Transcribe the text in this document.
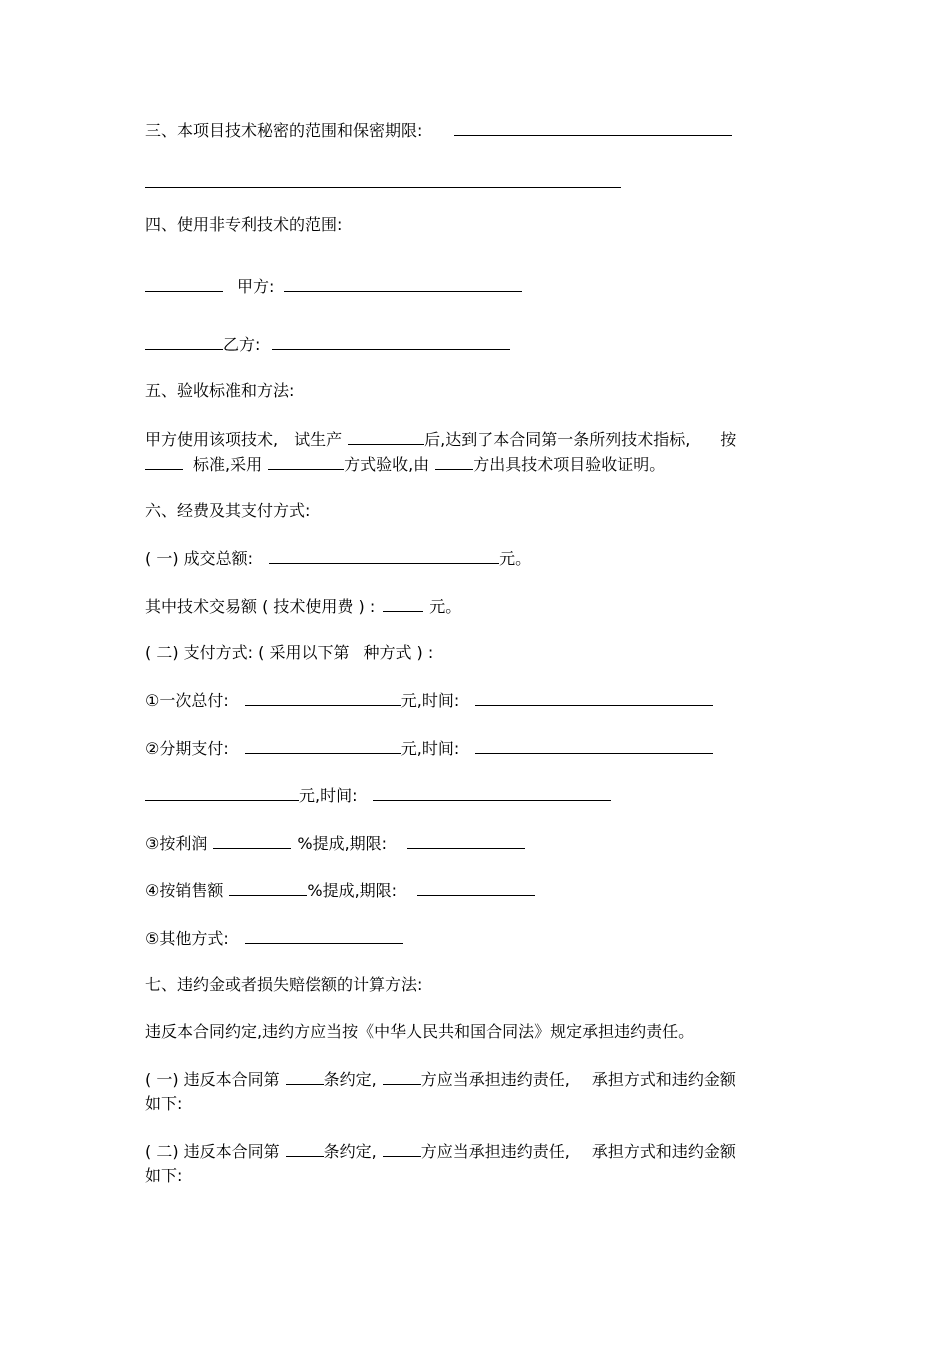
三、本项目技术秘密的范围和保密期限:
四、使用非专利技术的范围:
甲方:
乙方:
五、验收标准和方法:
甲方使用该项技术, 试生产	后,达到了本合同第一条所列技术指标, 按
标准,采用	方式验收,由	方出具技术项目验收证明。
六、经费及其支付方式:
( 一) 成交总额:	元。
其中技术交易额 ( 技术使用费 ) :	元。
( 二) 支付方式: ( 采用以下第 种方式 ) :
①一次总付:	元,时间:
②分期支付:	元,时间:
元,时间:
③按利润	%提成,期限:
④按销售额	%提成,期限:
⑤其他方式:
七、违约金或者损失赔偿额的计算方法:
违反本合同约定,违约方应当按《中华人民共和国合同法》规定承担违约责任。
( 一) 违反本合同第	条约定,	方应当承担违约责任, 承担方式和违约金额
如下:
( 二) 违反本合同第	条约定,	方应当承担违约责任, 承担方式和违约金额
如下:
